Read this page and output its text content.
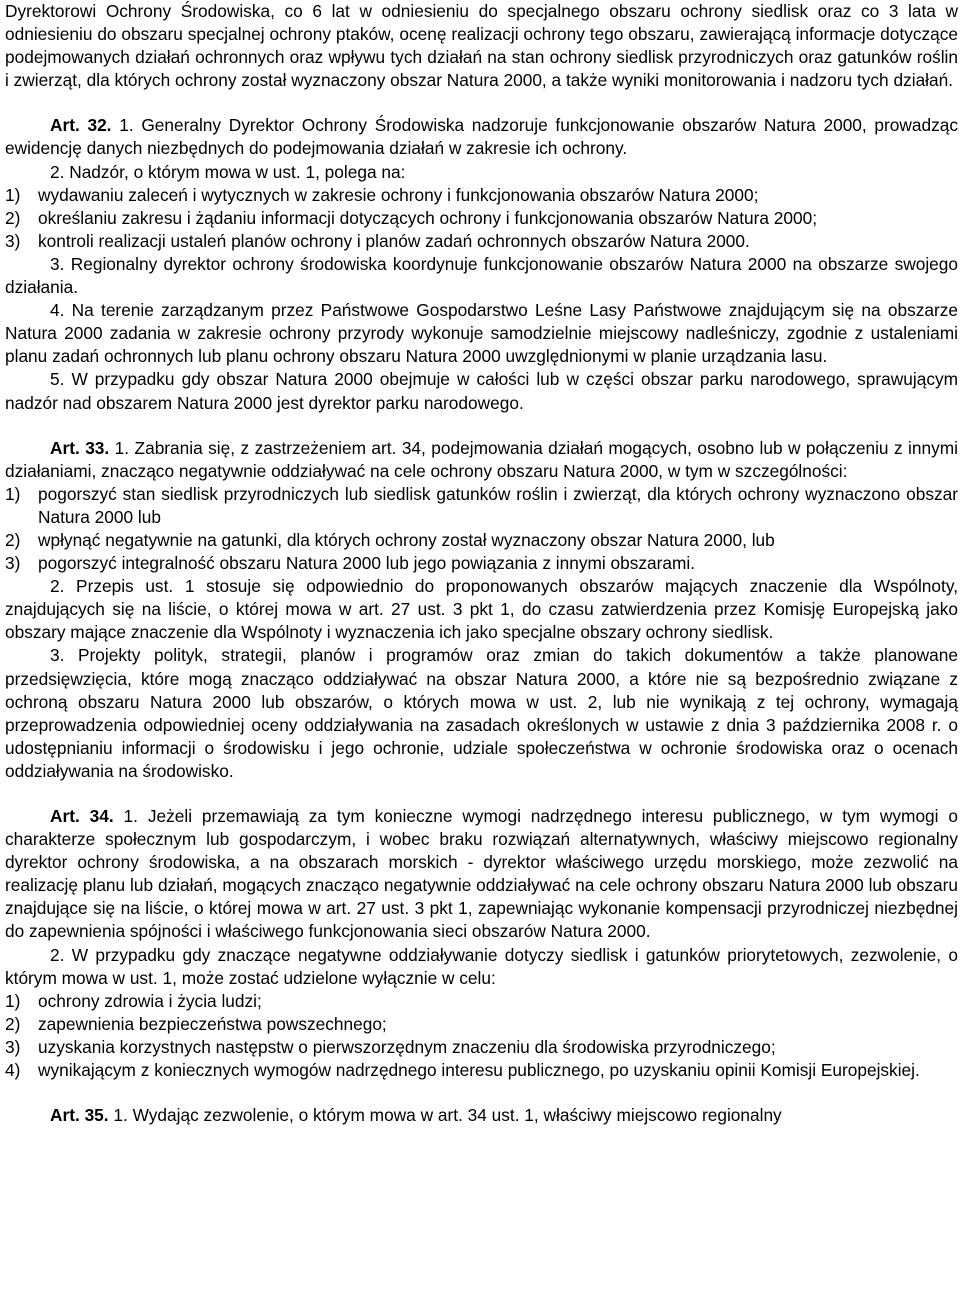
Dyrektorowi Ochrony Środowiska, co 6 lat w odniesieniu do specjalnego obszaru ochrony siedlisk oraz co 3 lata w odniesieniu do obszaru specjalnej ochrony ptaków, ocenę realizacji ochrony tego obszaru, zawierającą informacje dotyczące podejmowanych działań ochronnych oraz wpływu tych działań na stan ochrony siedlisk przyrodniczych oraz gatunków roślin i zwierząt, dla których ochrony został wyznaczony obszar Natura 2000, a także wyniki monitorowania i nadzoru tych działań.

Art. 32. 1. Generalny Dyrektor Ochrony Środowiska nadzoruje funkcjonowanie obszarów Natura 2000, prowadząc ewidencję danych niezbędnych do podejmowania działań w zakresie ich ochrony.

2. Nadzór, o którym mowa w ust. 1, polega na:

1)	wydawaniu zaleceń i wytycznych w zakresie ochrony i funkcjonowania obszarów Natura 2000;
2)	określaniu zakresu i żądaniu informacji dotyczących ochrony i funkcjonowania obszarów Natura 2000;
3)	kontroli realizacji ustaleń planów ochrony i planów zadań ochronnych obszarów Natura 2000.

3. Regionalny dyrektor ochrony środowiska koordynuje funkcjonowanie obszarów Natura 2000 na obszarze swojego działania.

4. Na terenie zarządzanym przez Państwowe Gospodarstwo Leśne Lasy Państwowe znajdującym się na obszarze Natura 2000 zadania w zakresie ochrony przyrody wykonuje samodzielnie miejscowy nadleśniczy, zgodnie z ustaleniami planu zadań ochronnych lub planu ochrony obszaru Natura 2000 uwzględnionymi w planie urządzania lasu.

5. W przypadku gdy obszar Natura 2000 obejmuje w całości lub w części obszar parku narodowego, sprawującym nadzór nad obszarem Natura 2000 jest dyrektor parku narodowego.

Art. 33. 1. Zabrania się, z zastrzeżeniem art. 34, podejmowania działań mogących, osobno lub w połączeniu z innymi działaniami, znacząco negatywnie oddziaływać na cele ochrony obszaru Natura 2000, w tym w szczególności:

1)	pogorszyć stan siedlisk przyrodniczych lub siedlisk gatunków roślin i zwierząt, dla których ochrony wyznaczono obszar Natura 2000 lub
2)	wpłynąć negatywnie na gatunki, dla których ochrony został wyznaczony obszar Natura 2000, lub
3)	pogorszyć integralność obszaru Natura 2000 lub jego powiązania z innymi obszarami.

2. Przepis ust. 1 stosuje się odpowiednio do proponowanych obszarów mających znaczenie dla Wspólnoty, znajdujących się na liście, o której mowa w art. 27 ust. 3 pkt 1, do czasu zatwierdzenia przez Komisję Europejską jako obszary mające znaczenie dla Wspólnoty i wyznaczenia ich jako specjalne obszary ochrony siedlisk.

3. Projekty polityk, strategii, planów i programów oraz zmian do takich dokumentów a także planowane przedsięwzięcia, które mogą znacząco oddziaływać na obszar Natura 2000, a które nie są bezpośrednio związane z ochroną obszaru Natura 2000 lub obszarów, o których mowa w ust. 2, lub nie wynikają z tej ochrony, wymagają przeprowadzenia odpowiedniej oceny oddziaływania na zasadach określonych w ustawie z dnia 3 października 2008 r. o udostępnianiu informacji o środowisku i jego ochronie, udziale społeczeństwa w ochronie środowiska oraz o ocenach oddziaływania na środowisko.

Art. 34. 1. Jeżeli przemawiają za tym konieczne wymogi nadrzędnego interesu publicznego, w tym wymogi o charakterze społecznym lub gospodarczym, i wobec braku rozwiązań alternatywnych, właściwy miejscowo regionalny dyrektor ochrony środowiska, a na obszarach morskich - dyrektor właściwego urzędu morskiego, może zezwolić na realizację planu lub działań, mogących znacząco negatywnie oddziaływać na cele ochrony obszaru Natura 2000 lub obszaru znajdujące się na liście, o której mowa w art. 27 ust. 3 pkt 1, zapewniając wykonanie kompensacji przyrodniczej niezbędnej do zapewnienia spójności i właściwego funkcjonowania sieci obszarów Natura 2000.

2. W przypadku gdy znaczące negatywne oddziaływanie dotyczy siedlisk i gatunków priorytetowych, zezwolenie, o którym mowa w ust. 1, może zostać udzielone wyłącznie w celu:

1)	ochrony zdrowia i życia ludzi;
2)	zapewnienia bezpieczeństwa powszechnego;
3)	uzyskania korzystnych następstw o pierwszorzędnym znaczeniu dla środowiska przyrodniczego;
4)	wynikającym z koniecznych wymogów nadrzędnego interesu publicznego, po uzyskaniu opinii Komisji Europejskiej.

Art. 35. 1. Wydając zezwolenie, o którym mowa w art. 34 ust. 1, właściwy miejscowo regionalny
